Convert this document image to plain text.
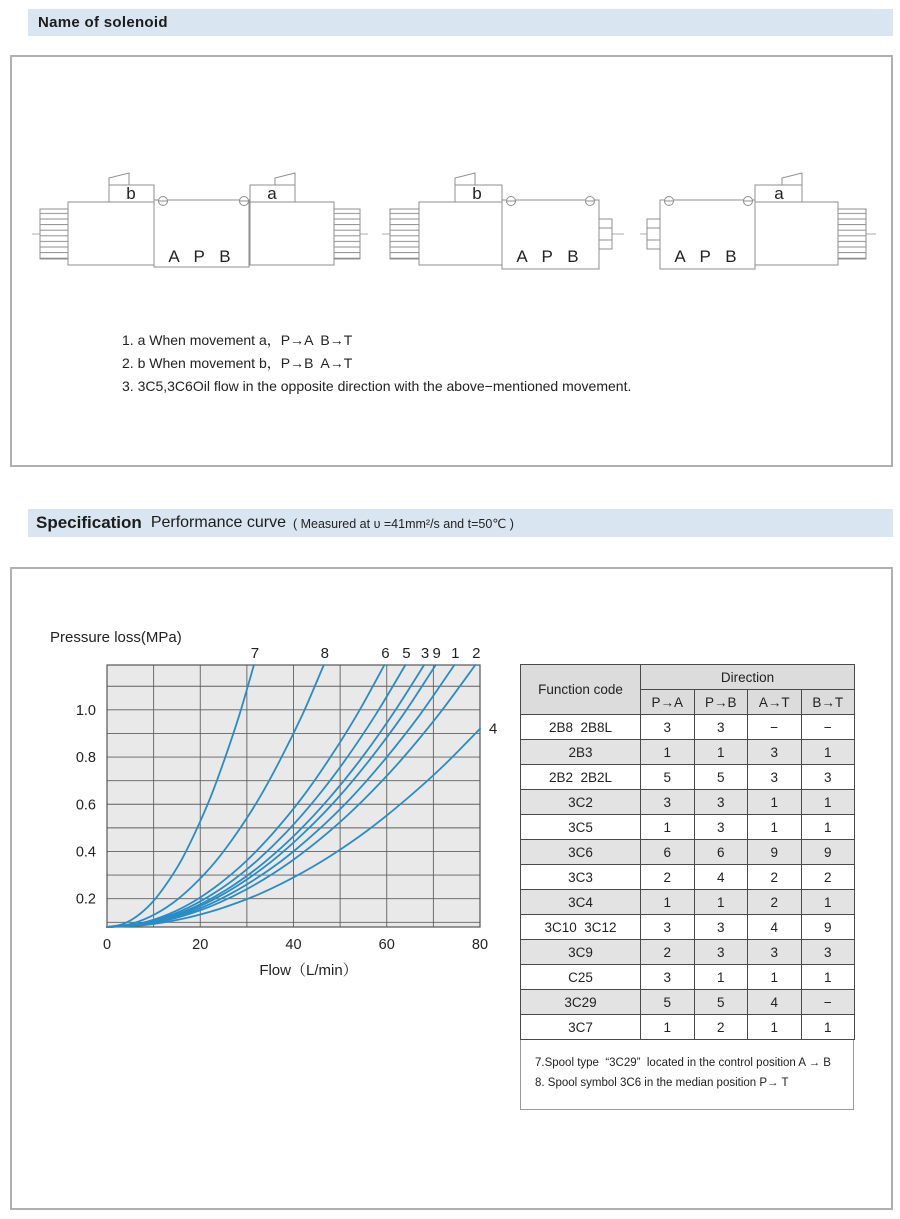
Name of solenoid
b	a
A P B
b
A P B
a
A P B
1. a When movement a，P→A  B→T
2. b When movement b，P→B  A→T
3. 3C5,3C6Oil flow in the opposite direction with the above−mentioned movement.
Specification Performance curve ( Measured at υ =41mm²/s and t=50℃ )
7	8	6 5 3 9 1 2
4
0.2
0.4
0.6
0.8
1.0
0	20	40	60	80
Pressure loss(MPa)
Flow（L/min）
Function code	Direction			
	P→A	P→B	A→T	B→T
2B8  2B8L	3	3	−	−
2B3	1	1	3	1
2B2  2B2L	5	5	3	3
3C2	3	3	1	1
3C5	1	3	1	1
3C6	6	6	9	9
3C3	2	4	2	2
3C4	1	1	2	1
3C10  3C12	3	3	4	9
3C9	2	3	3	3
C25	3	1	1	1
3C29	5	5	4	−
3C7	1	2	1	1
7.Spool type  “3C29”  located in the control position A → B
8. Spool symbol 3C6 in the median position P→ T
